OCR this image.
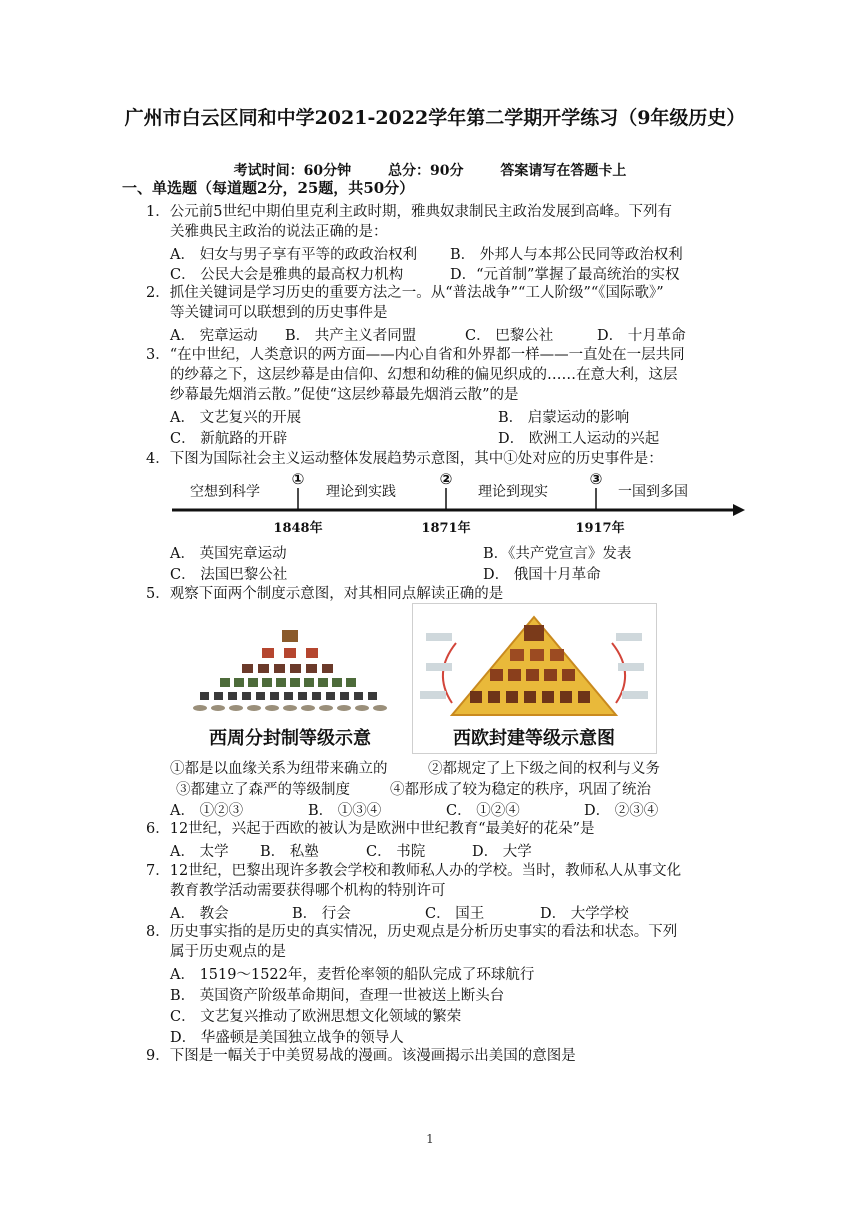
广州市白云区同和中学2021-2022学年第二学期开学练习（9年级历史）
考试时间：60分钟	总分：90分	答案请写在答题卡上
一、单选题（每道题2分，25题，共50分）
1．公元前5世纪中期伯里克利主政时期，雅典奴隶制民主政治发展到高峰。下列有
关雅典民主政治的说法正确的是：
A． 妇女与男子享有平等的政政治权利 B． 外邦人与本邦公民同等政治权利
C． 公民大会是雅典的最高权力机构	D．“元首制”掌握了最高统治的实权
2．抓住关键词是学习历史的重要方法之一。从“普法战争”“工人阶级”“《国际歌》”
等关键词可以联想到的历史事件是
A． 宪章运动 B． 共产主义者同盟	C． 巴黎公社	D． 十月革命
3．“在中世纪，人类意识的两方面——内心自省和外界都一样——一直处在一层共同
的纱幕之下，这层纱幕是由信仰、幻想和幼稚的偏见织成的……在意大利，这层
纱幕最先烟消云散。”促使“这层纱幕最先烟消云散”的是
A． 文艺复兴的开展	B． 启蒙运动的影响
C． 新航路的开辟	D． 欧洲工人运动的兴起
4．下图为国际社会主义运动整体发展趋势示意图，其中①处对应的历史事件是：
空想到科学	理论到实践	理论到现实	一国到多国
①	②	③
1848年	1871年	1917年
A． 英国宪章运动	B．《共产党宣言》发表
C． 法国巴黎公社	D． 俄国十月革命
5．观察下面两个制度示意图，对其相同点解读正确的是
西周分封制等级示意	西欧封建等级示意图
①都是以血缘关系为纽带来确立的	②都规定了上下级之间的权利与义务
③都建立了森严的等级制度	④都形成了较为稳定的秩序，巩固了统治
A． ①②③	B． ①③④	C． ①②④	D． ②③④
6．12世纪，兴起于西欧的被认为是欧洲中世纪教育“最美好的花朵”是
A． 太学 B． 私塾	C． 书院	D． 大学
7．12世纪，巴黎出现许多教会学校和教师私人办的学校。当时，教师私人从事文化
教育教学活动需要获得哪个机构的特别许可
A． 教会	B． 行会	C． 国王	D． 大学学校
8．历史事实指的是历史的真实情况，历史观点是分析历史事实的看法和状态。下列
属于历史观点的是
A． 1519～1522年，麦哲伦率领的船队完成了环球航行
B． 英国资产阶级革命期间，查理一世被送上断头台
C． 文艺复兴推动了欧洲思想文化领域的繁荣
D． 华盛顿是美国独立战争的领导人
9．下图是一幅关于中美贸易战的漫画。该漫画揭示出美国的意图是
1
